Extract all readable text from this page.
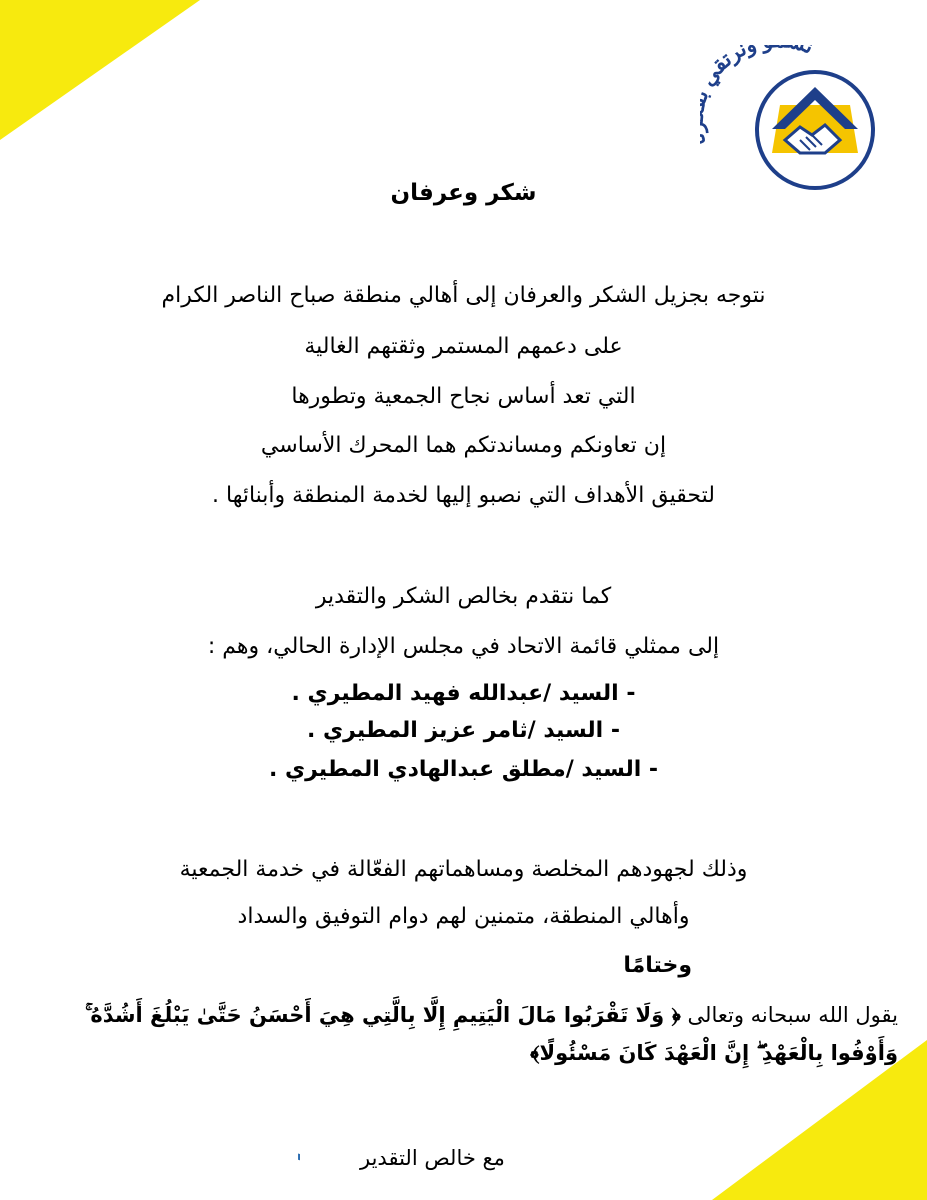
ن ونرتق
شكر وعرفان
نتوجه بجزيل الشكر والعرفان إلى أهالي منطقة صباح الناصر الكرام
على دعمهم المستمر وثقتهم الغالية
التي تعد أساس نجاح الجمعية وتطورها
إن تعاونكم ومساندتكم هما المحرك الأساسي
لتحقيق الأهداف التي نصبو إليها لخدمة المنطقة وأبنائها .
كما نتقدم بخالص الشكر والتقدير
إلى ممثلي قائمة الاتحاد في مجلس الإدارة الحالي، وهم :
- السيد /عبدالله فهيد المطيري .
- السيد /ثامر عزيز المطيري .
- السيد /مطلق عبدالهادي المطيري .
وذلك لجهودهم المخلصة ومساهماتهم الفعّالة في خدمة الجمعية
وأهالي المنطقة، متمنين لهم دوام التوفيق والسداد
وختامًا
يقول الله سبحانه وتعالى ﴿ وَلَا تَقْرَبُوا مَالَ الْيَتِيمِ إِلَّا بِالَّتِي هِيَ أَحْسَنُ حَتَّىٰ يَبْلُغَ أَشُدَّهُ ۚ وَأَوْفُوا بِالْعَهْدِ ۖ إِنَّ الْعَهْدَ كَانَ مَسْئُولًا﴾
مع خالص التقدير
